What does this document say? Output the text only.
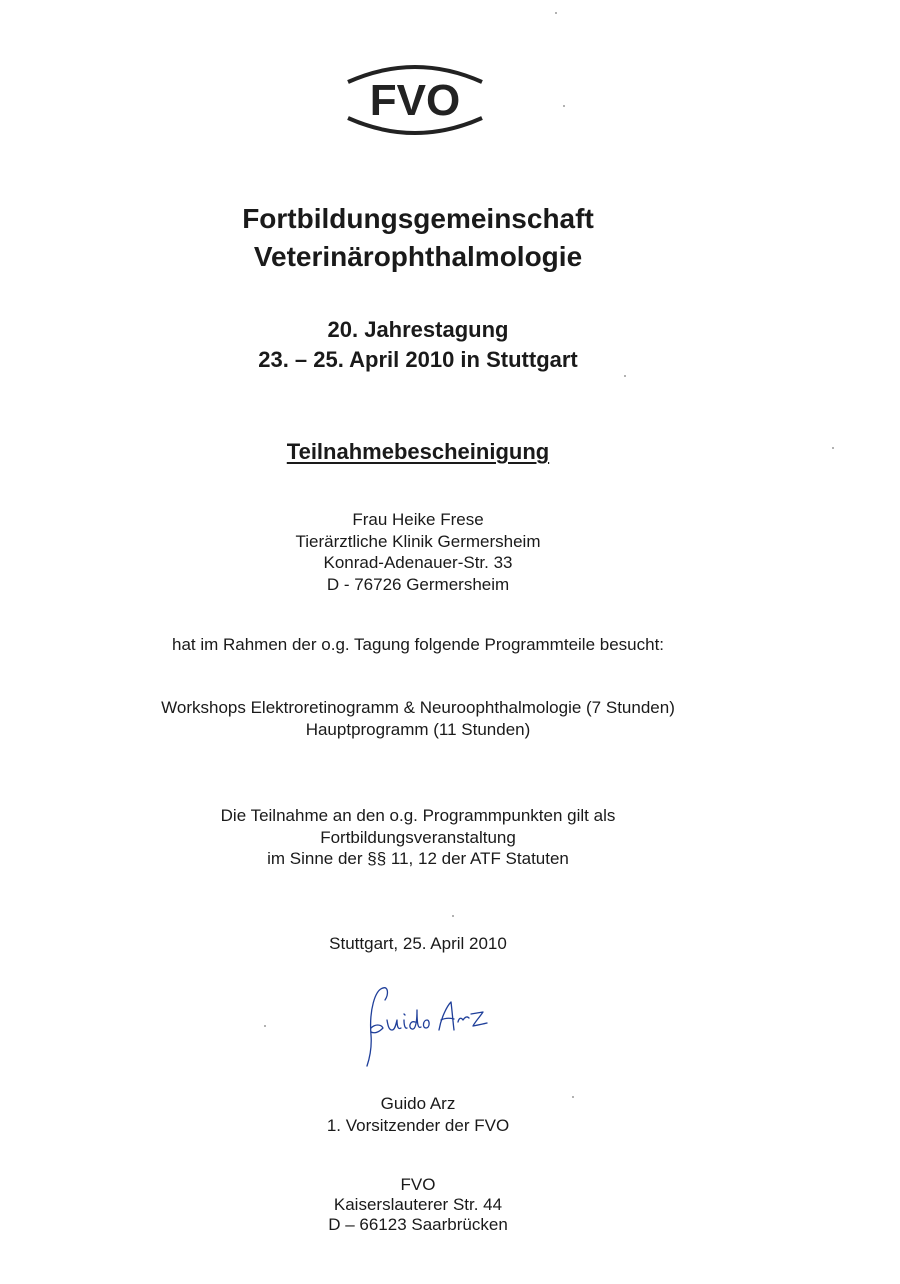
FVO
Fortbildungsgemeinschaft
Veterinärophthalmologie
20. Jahrestagung
23. – 25. April 2010 in Stuttgart
Teilnahmebescheinigung
Frau Heike Frese
Tierärztliche Klinik Germersheim
Konrad-Adenauer-Str. 33
D - 76726 Germersheim
hat im Rahmen der o.g. Tagung folgende Programmteile besucht:
Workshops Elektroretinogramm & Neuroophthalmologie (7 Stunden)
Hauptprogramm (11 Stunden)
Die Teilnahme an den o.g. Programmpunkten gilt als
Fortbildungsveranstaltung
im Sinne der §§ 11, 12 der ATF Statuten
Stuttgart, 25. April 2010
Guido Arz
1. Vorsitzender der FVO
FVO
Kaiserslauterer Str. 44
D – 66123 Saarbrücken
